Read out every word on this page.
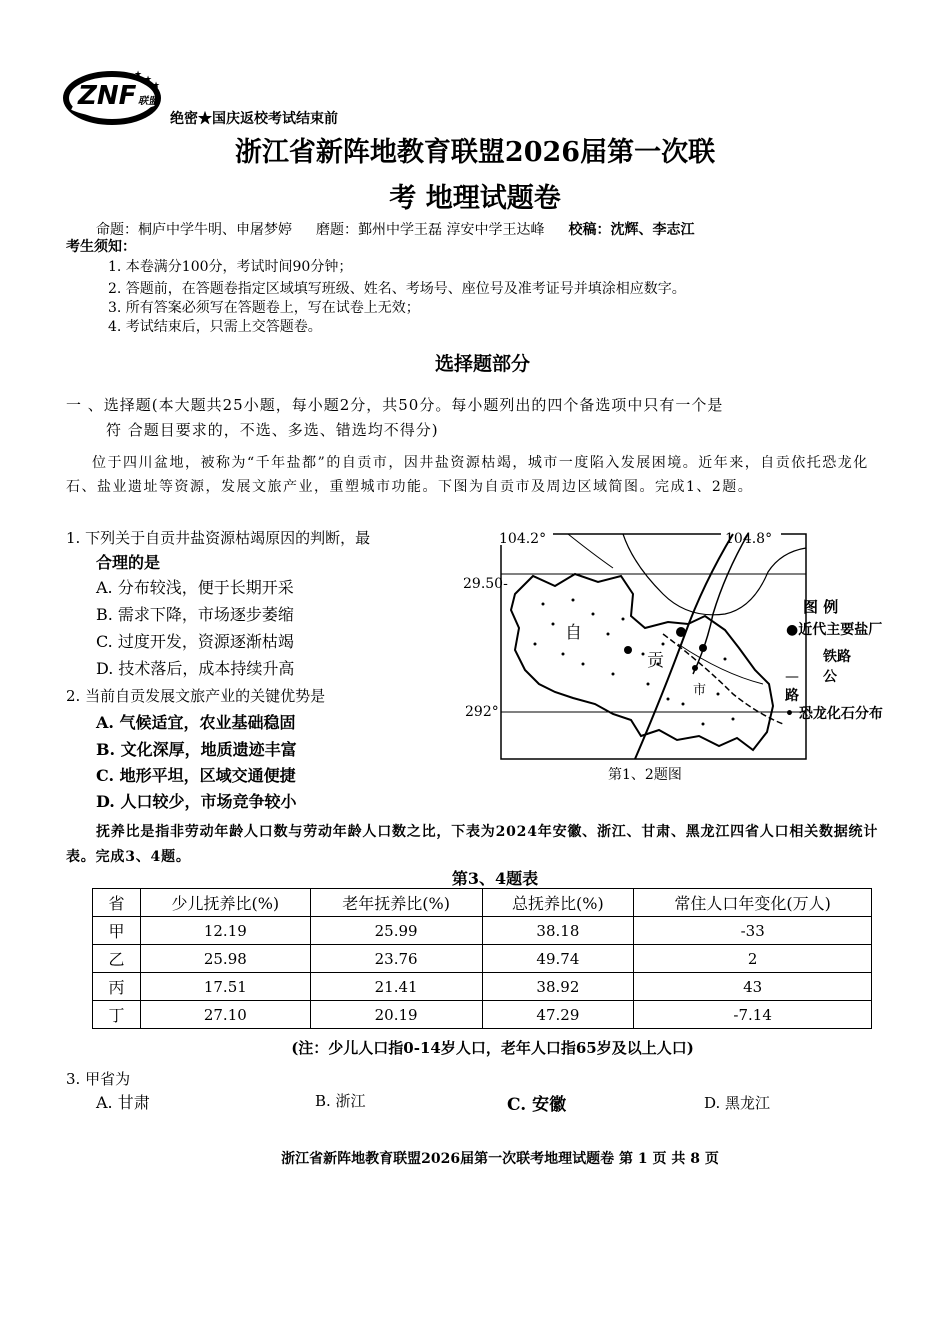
ZNF 联盟
★ ★
★
绝密★国庆返校考试结束前
浙江省新阵地教育联盟2026届第一次联
考 地理试题卷
命题：桐庐中学牛明、申屠梦婷 磨题：鄞州中学王磊 淳安中学王达峰 校稿：沈辉、李志江
考生须知：
1. 本卷满分100分，考试时间90分钟；
2. 答题前，在答题卷指定区域填写班级、姓名、考场号、座位号及准考证号并填涂相应数字。
3. 所有答案必须写在答题卷上，写在试卷上无效；
4. 考试结束后，只需上交答题卷。
选择题部分
一 、选择题(本大题共25小题，每小题2分，共50分。每小题列出的四个备选项中只有一个是
符 合题目要求的，不选、多选、错选均不得分)
位于四川盆地，被称为“千年盐都”的自贡市，因井盐资源枯竭，城市一度陷入发展困境。近年来，自贡依托恐龙化石、盐业遗址等资源，发展文旅产业，重塑城市功能。下图为自贡市及周边区域简图。完成1、2题。
1. 下列关于自贡井盐资源枯竭原因的判断，最
合理的是
A. 分布较浅，便于长期开采
B. 需求下降，市场逐步萎缩
C. 过度开发，资源逐渐枯竭
D. 技术落后，成本持续升高
2. 当前自贡发展文旅产业的关键优势是
A. 气候适宜，农业基础稳固
B. 文化深厚，地质遗迹丰富
C. 地形平坦，区域交通便捷
D. 人口较少，市场竞争较小
104.2°	104.8°
29.50-
292°
自
贡
市
图 例
●近代主要盐厂
铁路
公
—
路
• 恐龙化石分布
第1、2题图
抚养比是指非劳动年龄人口数与劳动年龄人口数之比，下表为2024年安徽、浙江、甘肃、黑龙江四省人口相关数据统计表。完成3、4题。
第3、4题表
省	少儿抚养比(%)	老年抚养比(%)	总抚养比(%)	常住人口年变化(万人)
甲	12.19	25.99	38.18	-33
乙	25.98	23.76	49.74	2
丙	17.51	21.41	38.92	43
丁	27.10	20.19	47.29	-7.14
(注：少儿人口指0-14岁人口，老年人口指65岁及以上人口)
3. 甲省为
A. 甘肃	B. 浙江	C. 安徽	D. 黑龙江
浙江省新阵地教育联盟2026届第一次联考地理试题卷 第 1 页 共 8 页
